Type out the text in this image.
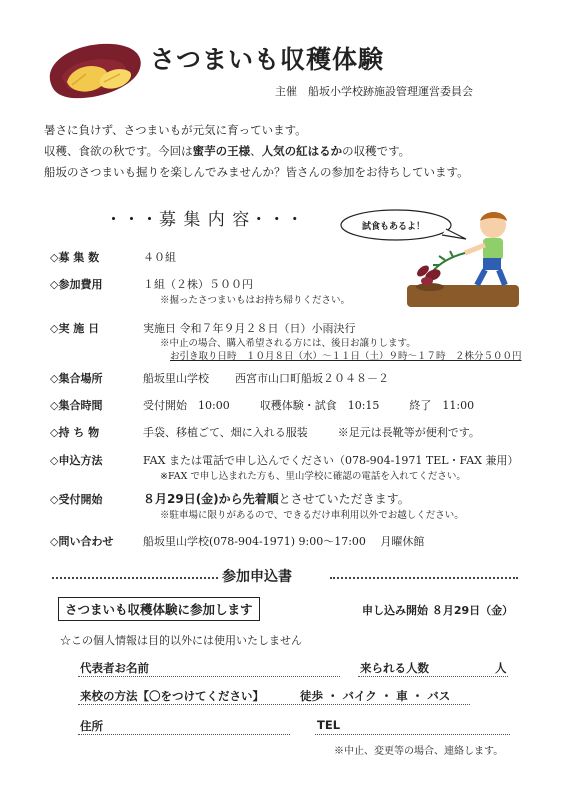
さつまいも収穫体験
主催　船坂小学校跡施設管理運営委員会
暑さに負けず、さつまいもが元気に育っています。
収穫、食欲の秋です。今回は蜜芋の王様、人気の紅はるかの収穫です。
船坂のさつまいも掘りを楽しんでみませんか？皆さんの参加をお待ちしています。
・・・募 集 内 容・・・	試食もあるよ！
◇募 集 数	４０組
◇参加費用	１組（２株）５００円
※掘ったさつまいもはお持ち帰りください。
◇実 施 日	実施日 令和７年９月２８日（日）小雨決行
※中止の場合、購入希望される方には、後日お譲りします。
お引き取り日時　１０月８日（水）～１１日（土）９時～１７時　２株分５００円
◇集合場所	船坂里山学校 西宮市山口町船坂２０４８－２
◇集合時間	受付開始　10:00	収穫体験・試食　10:15	終了　11:00
◇持 ち 物	手袋、移植ごて、畑に入れる服装	※足元は長靴等が便利です。
◇申込方法	FAX または電話で申し込んでください（078-904-1971 TEL・FAX 兼用）
※FAX で申し込まれた方も、里山学校に確認の電話を入れてください。
◇受付開始	８月29日(金)から先着順とさせていただきます。
※駐車場に限りがあるので、できるだけ車利用以外でお越しください。
◇問い合わせ	船坂里山学校(078-904-1971) 9:00～17:00　 月曜休館
参加申込書
さつまいも収穫体験に参加します	申し込み開始 ８月29日（金）
☆この個人情報は目的以外には使用いたしません
代表者お名前	来られる人数	人
来校の方法【〇をつけてください】	徒歩 ・ バイク ・ 車 ・ バス
住所	TEL
※中止、変更等の場合、連絡します。
